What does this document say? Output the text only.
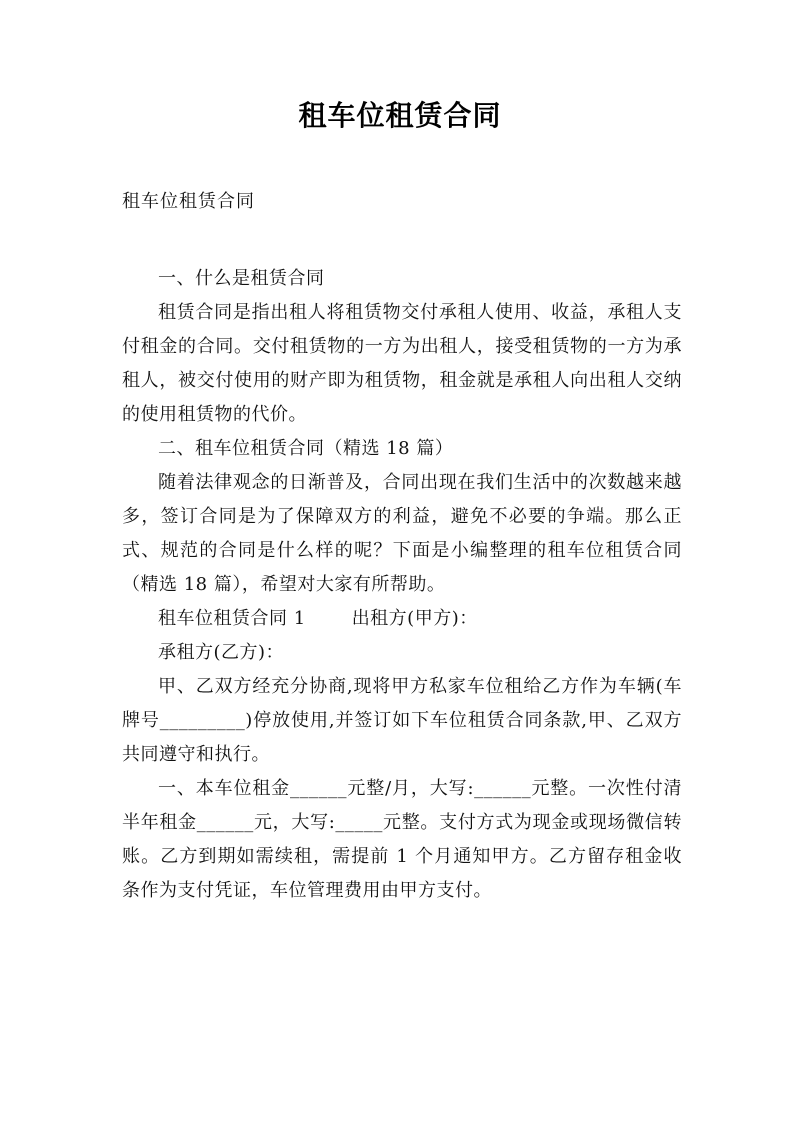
租车位租赁合同
租车位租赁合同

一、什么是租赁合同

租赁合同是指出租人将租赁物交付承租人使用、收益，承租人支付租金的合同。交付租赁物的一方为出租人，接受租赁物的一方为承租人，被交付使用的财产即为租赁物，租金就是承租人向出租人交纳的使用租赁物的代价。

二、租车位租赁合同（精选 18 篇）

随着法律观念的日渐普及，合同出现在我们生活中的次数越来越多，签订合同是为了保障双方的利益，避免不必要的争端。那么正式、规范的合同是什么样的呢？下面是小编整理的租车位租赁合同（精选 18 篇），希望对大家有所帮助。

租车位租赁合同 1	出租方(甲方)：

承租方(乙方)：

甲、乙双方经充分协商,现将甲方私家车位租给乙方作为车辆(车牌号_________)停放使用,并签订如下车位租赁合同条款,甲、乙双方共同遵守和执行。

一、本车位租金______元整/月，大写:______元整。一次性付清半年租金______元，大写:_____元整。支付方式为现金或现场微信转账。乙方到期如需续租，需提前 1 个月通知甲方。乙方留存租金收条作为支付凭证，车位管理费用由甲方支付。
